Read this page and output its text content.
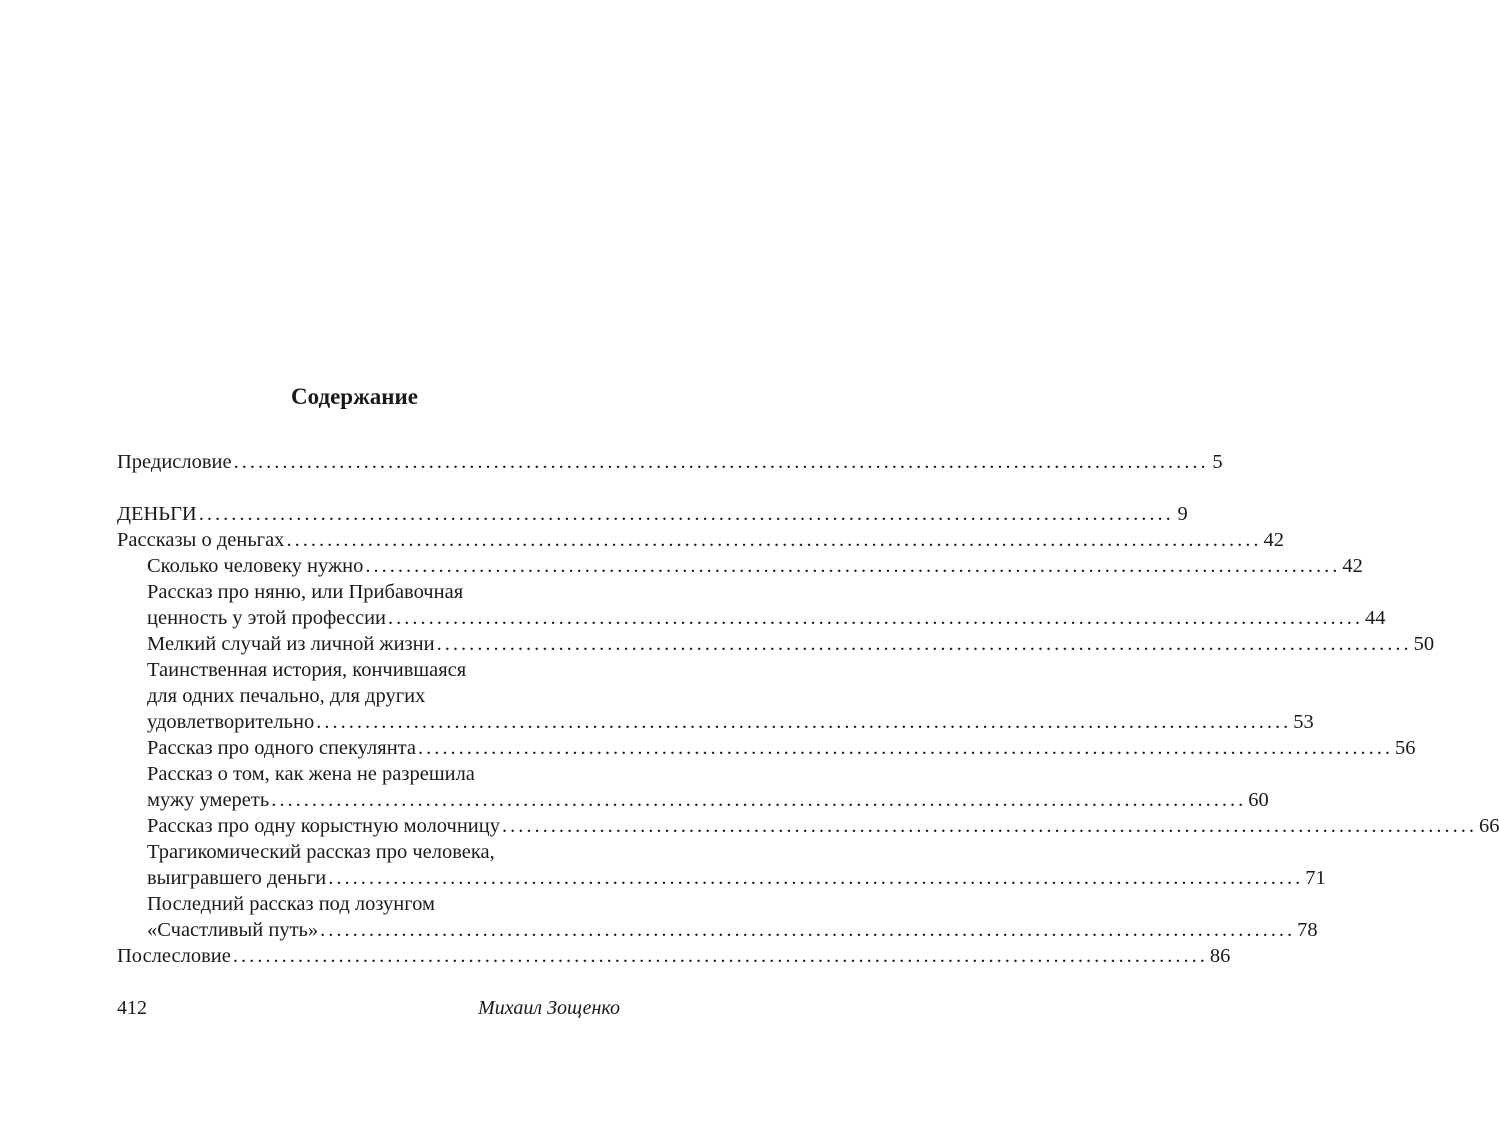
Содержание
Предисловие ........................................................................................................................ 5
ДЕНЬГИ ........................................................................................................................ 9
Рассказы о деньгах ........................................................................................................................ 42
Сколько человеку нужно ........................................................................................................................ 42
Рассказ про няню, или Прибавочная
ценность у этой профессии ........................................................................................................................ 44
Мелкий случай из личной жизни ........................................................................................................................ 50
Таинственная история, кончившаяся
для одних печально, для других
удовлетворительно ........................................................................................................................ 53
Рассказ про одного спекулянта ........................................................................................................................ 56
Рассказ о том, как жена не разрешила
мужу умереть ........................................................................................................................ 60
Рассказ про одну корыстную молочницу ........................................................................................................................ 66
Трагикомический рассказ про человека,
выигравшего деньги ........................................................................................................................ 71
Последний рассказ под лозунгом
«Счастливый путь» ........................................................................................................................ 78
Послесловие ........................................................................................................................ 86
412	Михаил Зощенко
